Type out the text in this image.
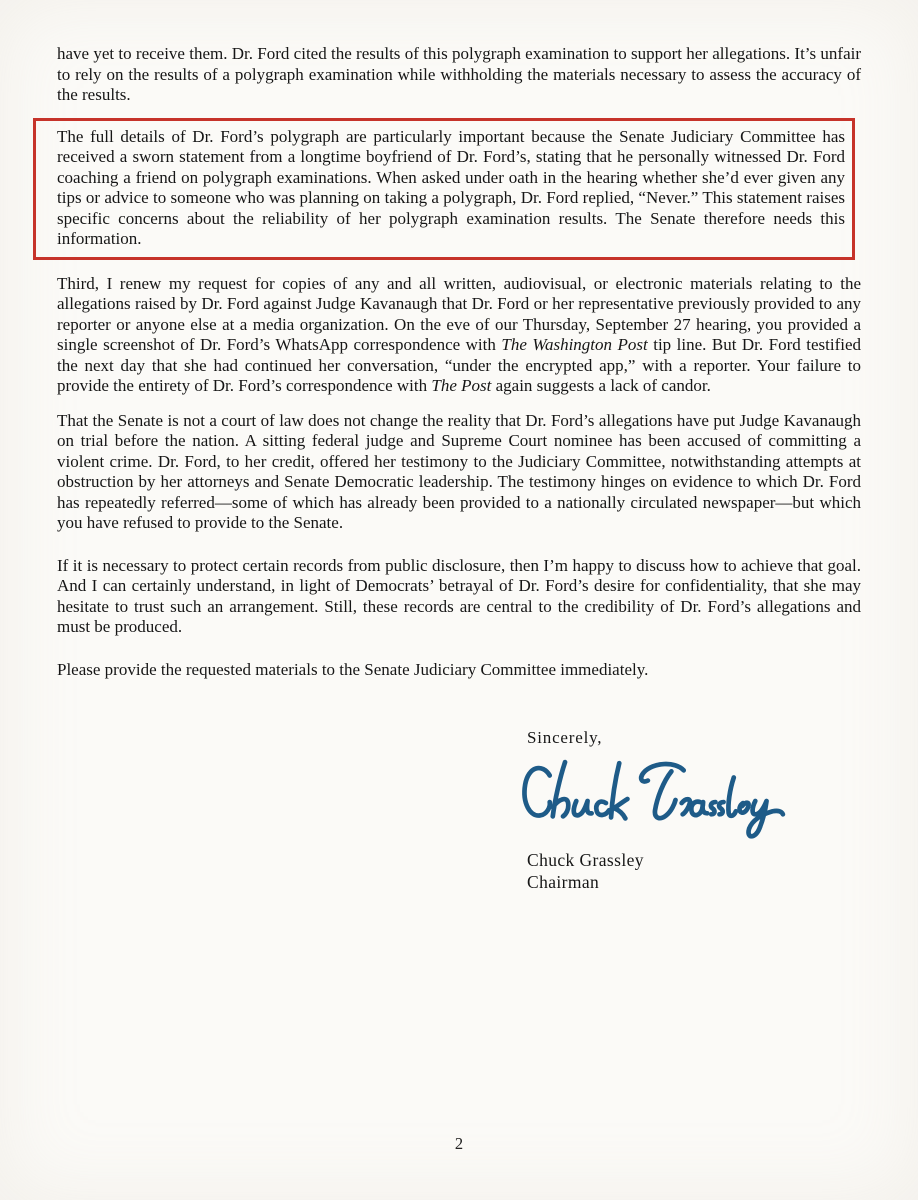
have yet to receive them. Dr. Ford cited the results of this polygraph examination to support her allegations. It’s unfair to rely on the results of a polygraph examination while withholding the materials necessary to assess the accuracy of the results.

The full details of Dr. Ford’s polygraph are particularly important because the Senate Judiciary Committee has received a sworn statement from a longtime boyfriend of Dr. Ford’s, stating that he personally witnessed Dr. Ford coaching a friend on polygraph examinations. When asked under oath in the hearing whether she’d ever given any tips or advice to someone who was planning on taking a polygraph, Dr. Ford replied, “Never.” This statement raises specific concerns about the reliability of her polygraph examination results. The Senate therefore needs this information.

Third, I renew my request for copies of any and all written, audiovisual, or electronic materials relating to the allegations raised by Dr. Ford against Judge Kavanaugh that Dr. Ford or her representative previously provided to any reporter or anyone else at a media organization. On the eve of our Thursday, September 27 hearing, you provided a single screenshot of Dr. Ford’s WhatsApp correspondence with The Washington Post tip line. But Dr. Ford testified the next day that she had continued her conversation, “under the encrypted app,” with a reporter. Your failure to provide the entirety of Dr. Ford’s correspondence with The Post again suggests a lack of candor.

That the Senate is not a court of law does not change the reality that Dr. Ford’s allegations have put Judge Kavanaugh on trial before the nation. A sitting federal judge and Supreme Court nominee has been accused of committing a violent crime. Dr. Ford, to her credit, offered her testimony to the Judiciary Committee, notwithstanding attempts at obstruction by her attorneys and Senate Democratic leadership. The testimony hinges on evidence to which Dr. Ford has repeatedly referred—some of which has already been provided to a nationally circulated newspaper—but which you have refused to provide to the Senate.

If it is necessary to protect certain records from public disclosure, then I’m happy to discuss how to achieve that goal. And I can certainly understand, in light of Democrats’ betrayal of Dr. Ford’s desire for confidentiality, that she may hesitate to trust such an arrangement. Still, these records are central to the credibility of Dr. Ford’s allegations and must be produced.

Please provide the requested materials to the Senate Judiciary Committee immediately.

Sincerely,

Chuck Grassley

Chairman

2
